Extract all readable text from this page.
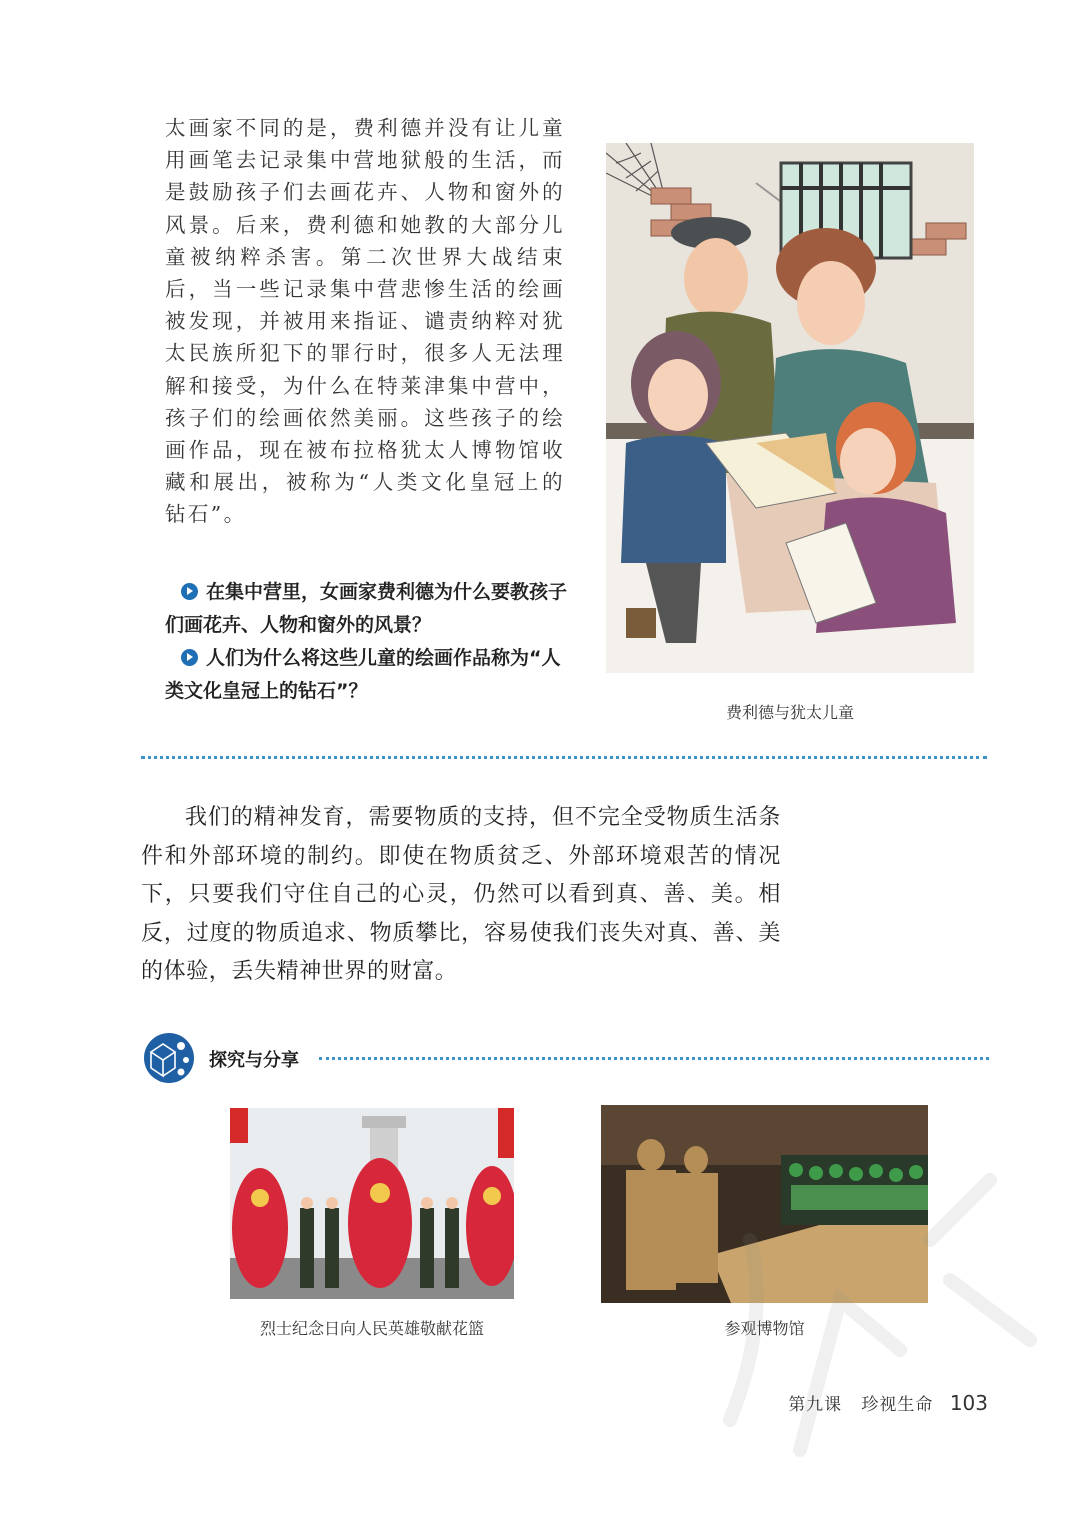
太画家不同的是，费利德并没有让儿童用画笔去记录集中营地狱般的生活，而是鼓励孩子们去画花卉、人物和窗外的风景。后来，费利德和她教的大部分儿童被纳粹杀害。第二次世界大战结束后，当一些记录集中营悲惨生活的绘画被发现，并被用来指证、谴责纳粹对犹太民族所犯下的罪行时，很多人无法理解和接受，为什么在特莱津集中营中，孩子们的绘画依然美丽。这些孩子的绘画作品，现在被布拉格犹太人博物馆收藏和展出，被称为“人类文化皇冠上的钻石”。

在集中营里，女画家费利德为什么要教孩子们画花卉、人物和窗外的风景？

人们为什么将这些儿童的绘画作品称为“人类文化皇冠上的钻石”？

费利德与犹太儿童

我们的精神发育，需要物质的支持，但不完全受物质生活条件和外部环境的制约。即使在物质贫乏、外部环境艰苦的情况下，只要我们守住自己的心灵，仍然可以看到真、善、美。相反，过度的物质追求、物质攀比，容易使我们丧失对真、善、美的体验，丢失精神世界的财富。

探究与分享
烈士纪念日向人民英雄敬献花篮	参观博物馆
第九课 珍视生命 103
